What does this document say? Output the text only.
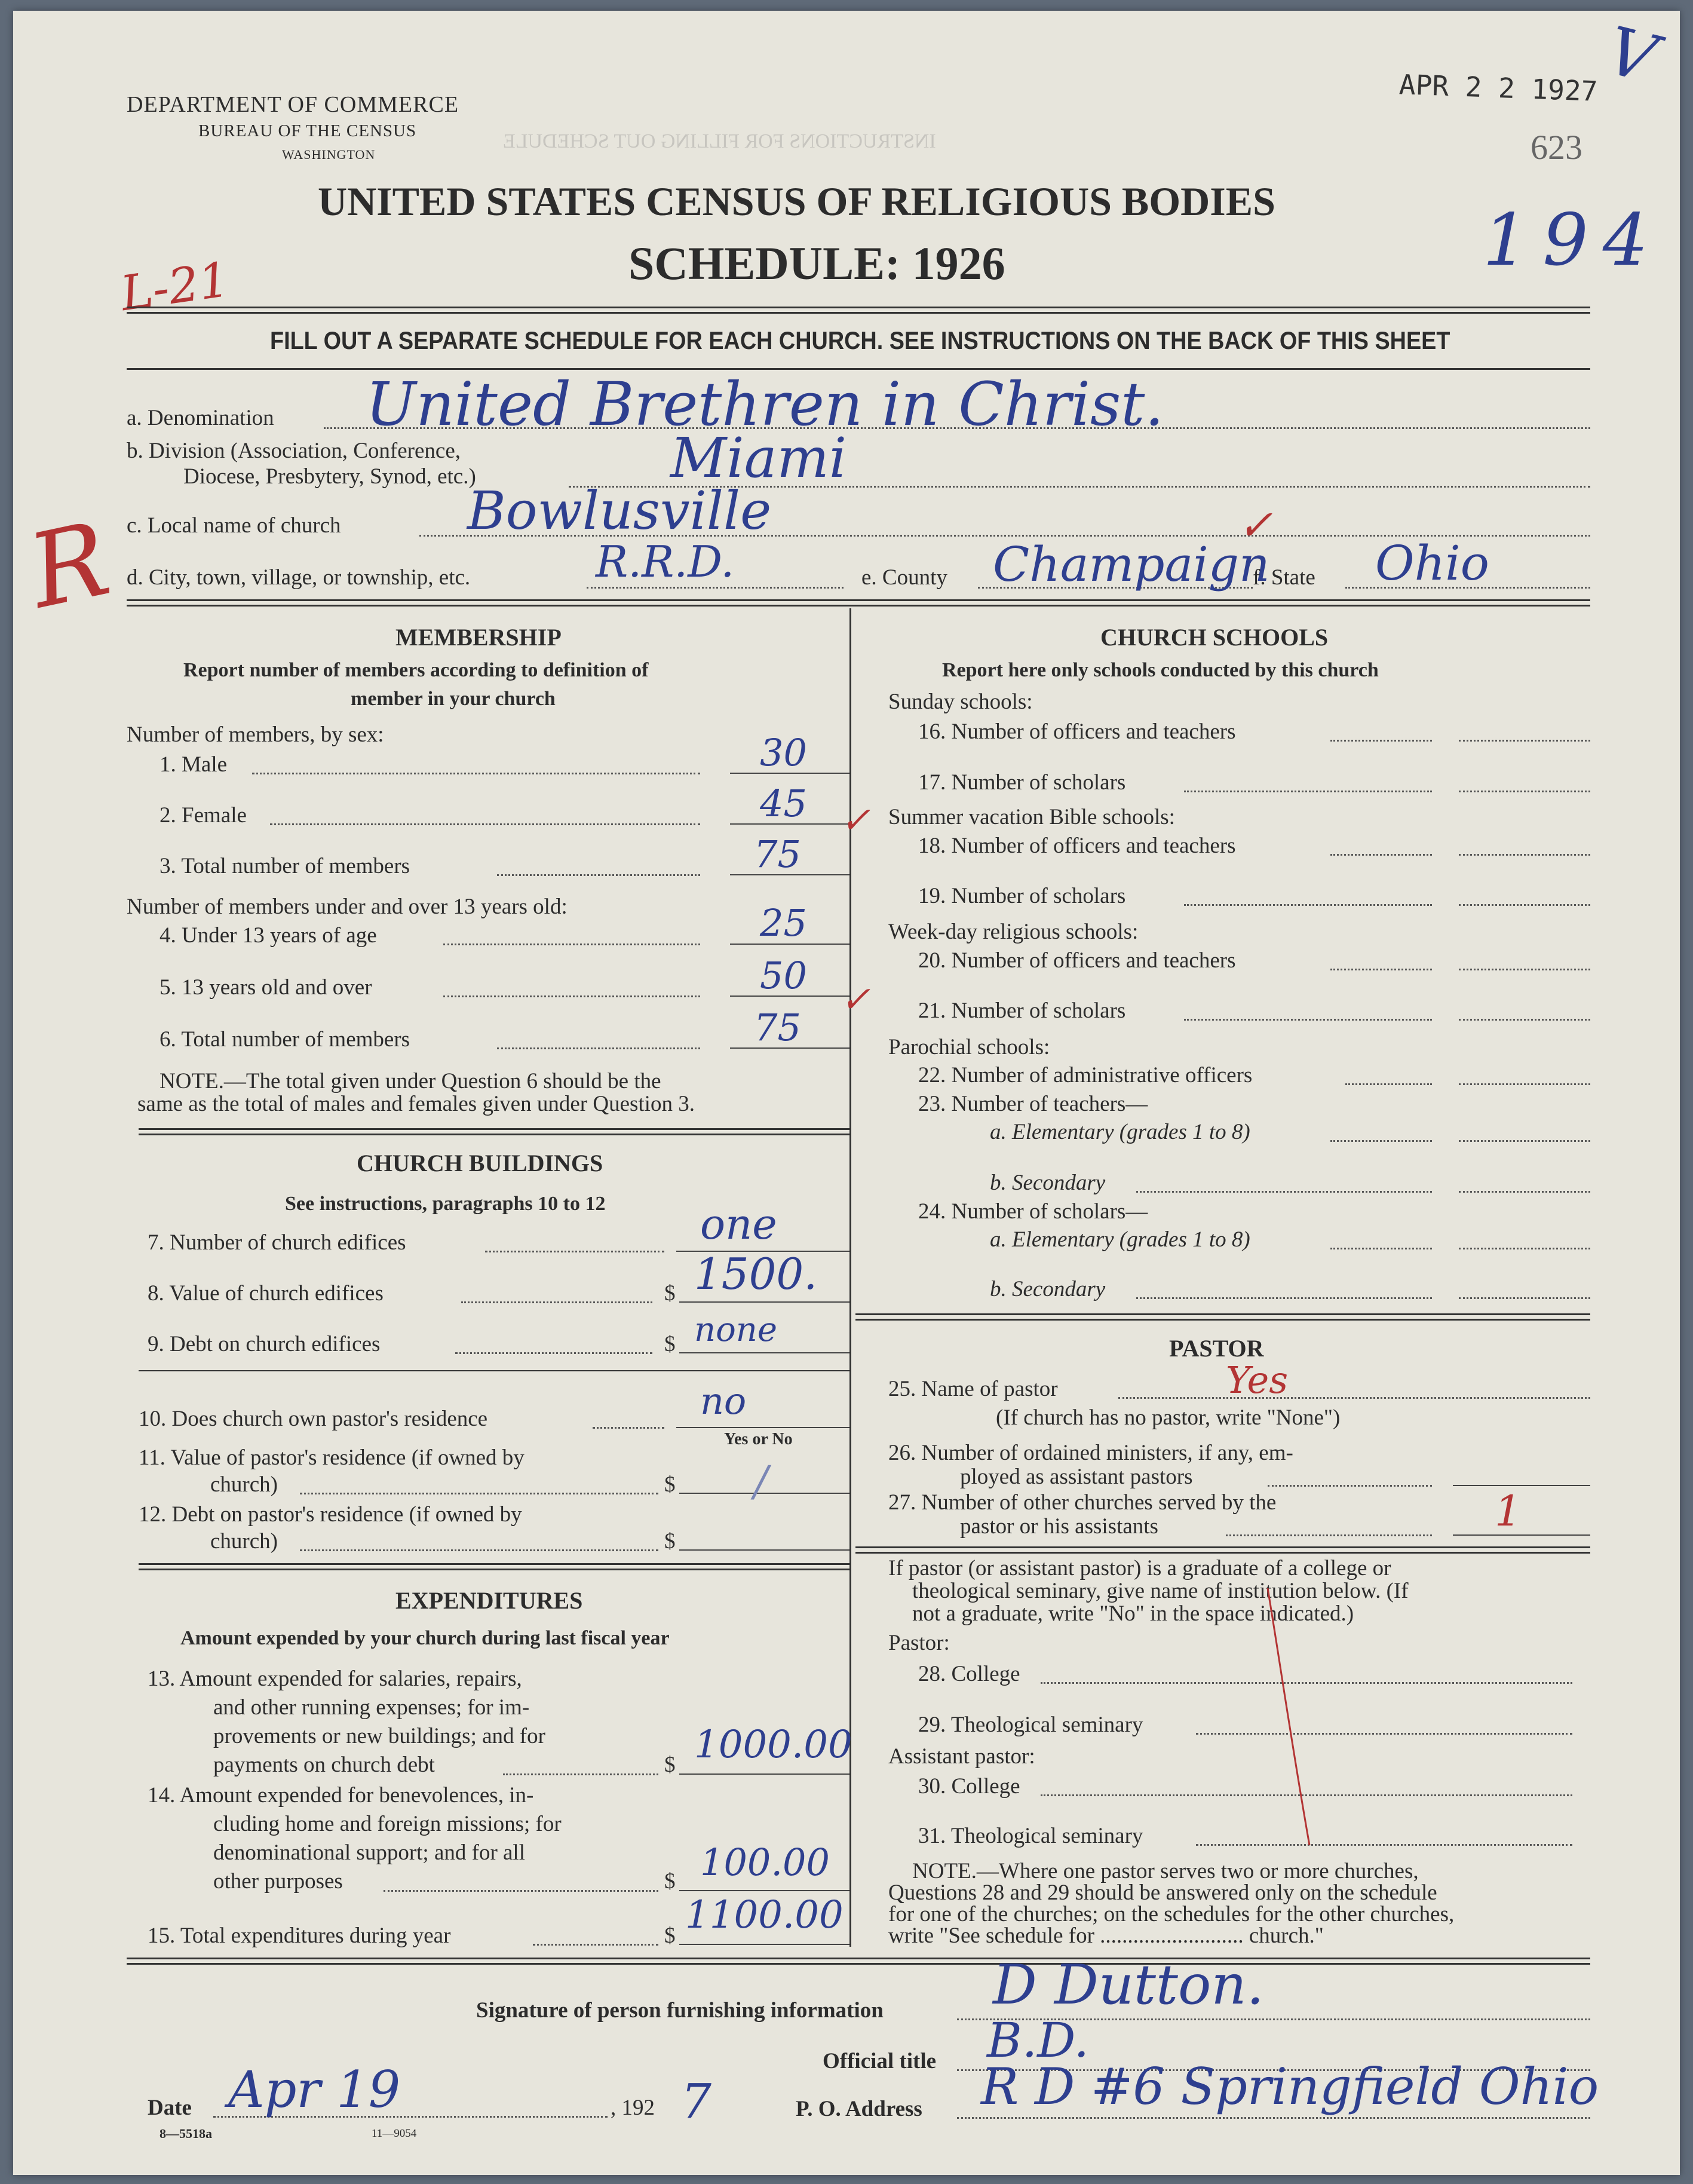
INSTRUCTIONS FOR FILLING OUT SCHEDULE
DEPARTMENT OF COMMERCE
BUREAU OF THE CENSUS
WASHINGTON
UNITED STATES CENSUS OF RELIGIOUS BODIES
SCHEDULE: 1926
APR 2 2 1927
623
V
194
L-21
FILL OUT A SEPARATE SCHEDULE FOR EACH CHURCH. SEE INSTRUCTIONS ON THE BACK OF THIS SHEET
R
a. Denomination United Brethren in Christ.
b. Division (Association, Conference,
Diocese, Presbytery, Synod, etc.)	Miami
c. Local name of church Bowlusville
d. City, town, village, or township, etc.	R.R.D.	e. County Champaign
✓
f. State Ohio
MEMBERSHIP
Report number of members according to definition of
member in your church
Number of members, by sex:
1. Male	30
2. Female	45
3. Total number of members	75
✓
Number of members under and over 13 years old:
4. Under 13 years of age	25
5. 13 years old and over	50
6. Total number of members	75
✓
NOTE.—The total given under Question 6 should be the
same as the total of males and females given under Question 3.
CHURCH BUILDINGS
See instructions, paragraphs 10 to 12
7. Number of church edifices	one
8. Value of church edifices	$ 1500.
9. Debt on church edifices	$ none
10. Does church own pastor's residence	no
Yes or No
11. Value of pastor's residence (if owned by
church)	$ /
12. Debt on pastor's residence (if owned by
church)	$
EXPENDITURES
Amount expended by your church during last fiscal year
13. Amount expended for salaries, repairs,
and other running expenses; for im-
provements or new buildings; and for
payments on church debt	$ 1000.00
14. Amount expended for benevolences, in-
cluding home and foreign missions; for
denominational support; and for all
other purposes	$ 100.00
15. Total expenditures during year	$ 1100.00
CHURCH SCHOOLS
Report here only schools conducted by this church
Sunday schools:
16. Number of officers and teachers
17. Number of scholars
Summer vacation Bible schools:
18. Number of officers and teachers
19. Number of scholars
Week-day religious schools:
20. Number of officers and teachers
21. Number of scholars
Parochial schools:
22. Number of administrative officers
23. Number of teachers—
a. Elementary (grades 1 to 8)
b. Secondary
24. Number of scholars—
a. Elementary (grades 1 to 8)
b. Secondary
PASTOR
25. Name of pastor	Yes
(If church has no pastor, write "None")
26. Number of ordained ministers, if any, em-
ployed as assistant pastors
27. Number of other churches served by the
pastor or his assistants	1
If pastor (or assistant pastor) is a graduate of a college or
theological seminary, give name of institution below. (If
not a graduate, write "No" in the space indicated.)
Pastor:
28. College
29. Theological seminary
Assistant pastor:
30. College
31. Theological seminary
NOTE.—Where one pastor serves two or more churches,
Questions 28 and 29 should be answered only on the schedule
for one of the churches; on the schedules for the other churches,
write "See schedule for .......................... church."
Signature of person furnishing information D Dutton.
Official title B.D.
Date Apr 19	, 192 7	P. O. Address R D #6 Springfield Ohio
8—5518a	11—9054
